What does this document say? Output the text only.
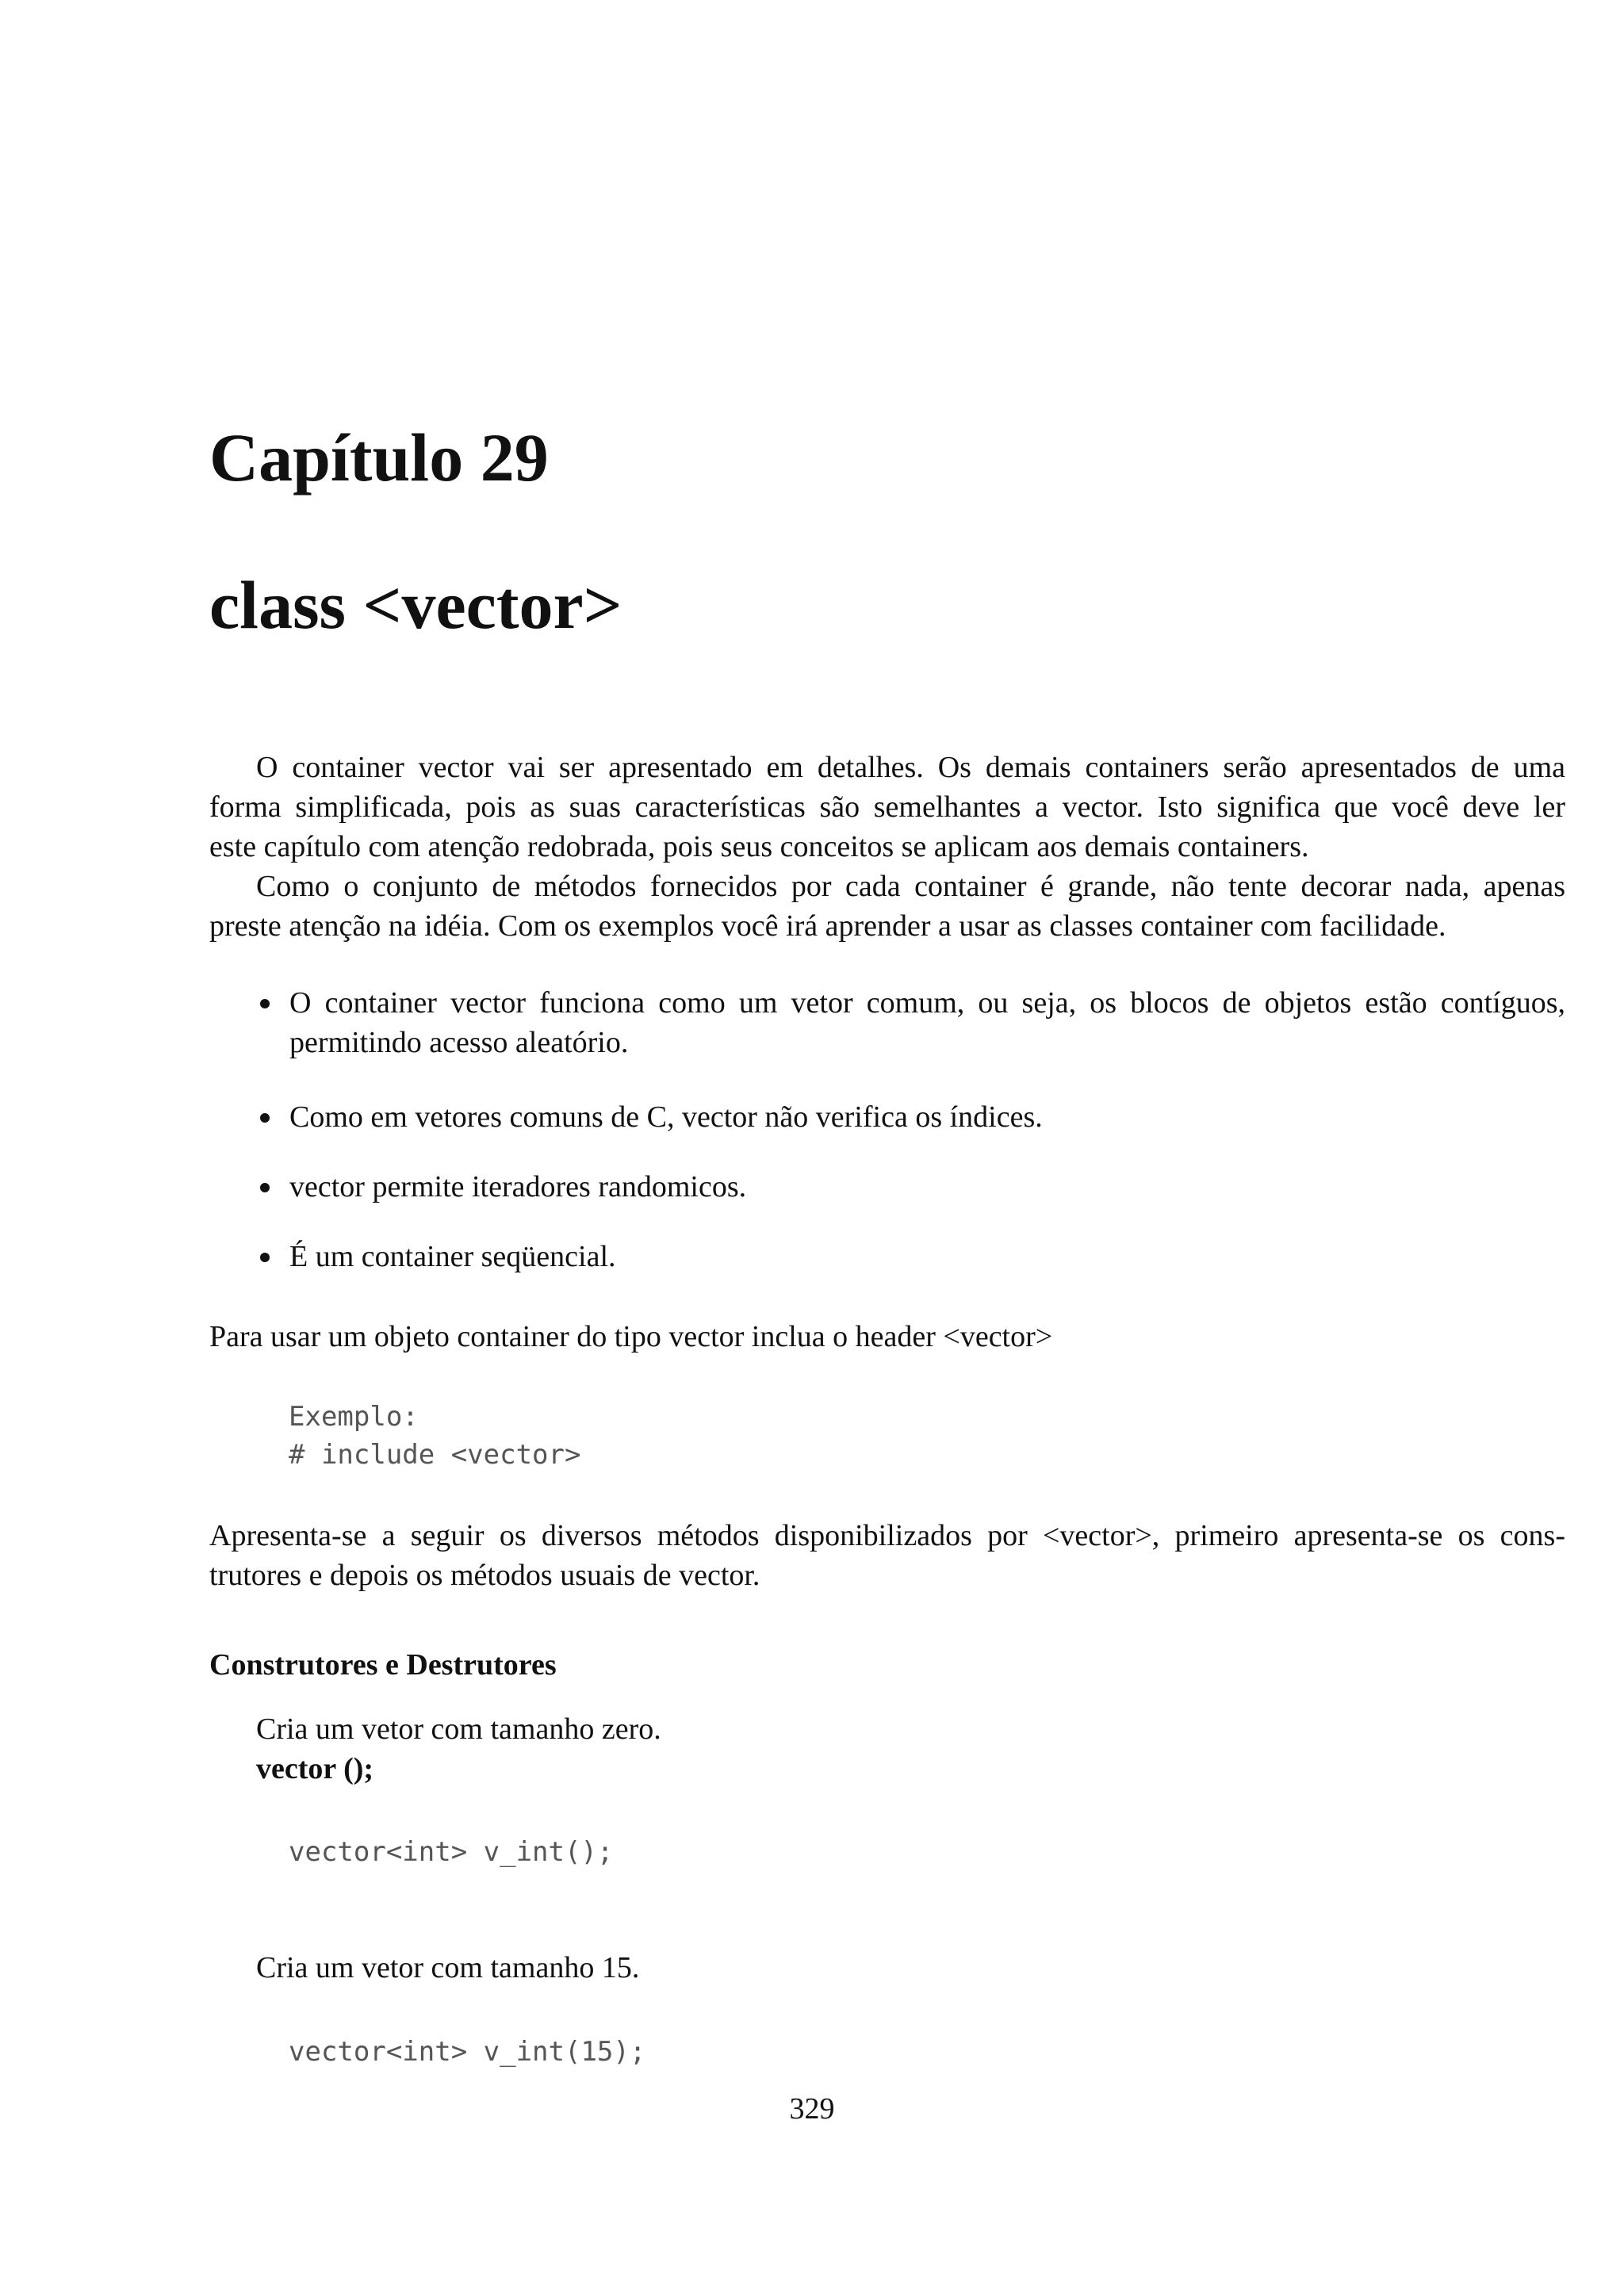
Capítulo 29
class <vector>
O container vector vai ser apresentado em detalhes. Os demais containers serão apresentados de uma
forma simplificada, pois as suas características são semelhantes a vector. Isto significa que você deve ler
este capítulo com atenção redobrada, pois seus conceitos se aplicam aos demais containers.
Como o conjunto de métodos fornecidos por cada container é grande, não tente decorar nada, apenas
preste atenção na idéia. Com os exemplos você irá aprender a usar as classes container com facilidade.
O container vector funciona como um vetor comum, ou seja, os blocos de objetos estão contíguos,
permitindo acesso aleatório.
Como em vetores comuns de C, vector não verifica os índices.
vector permite iteradores randomicos.
É um container seqüencial.
Para usar um objeto container do tipo vector inclua o header <vector>
Exemplo:
# include <vector>
Apresenta-se a seguir os diversos métodos disponibilizados por <vector>, primeiro apresenta-se os cons-
trutores e depois os métodos usuais de vector.
Construtores e Destrutores
Cria um vetor com tamanho zero.
vector ();
vector<int> v_int();
Cria um vetor com tamanho 15.
vector<int> v_int(15);
329
